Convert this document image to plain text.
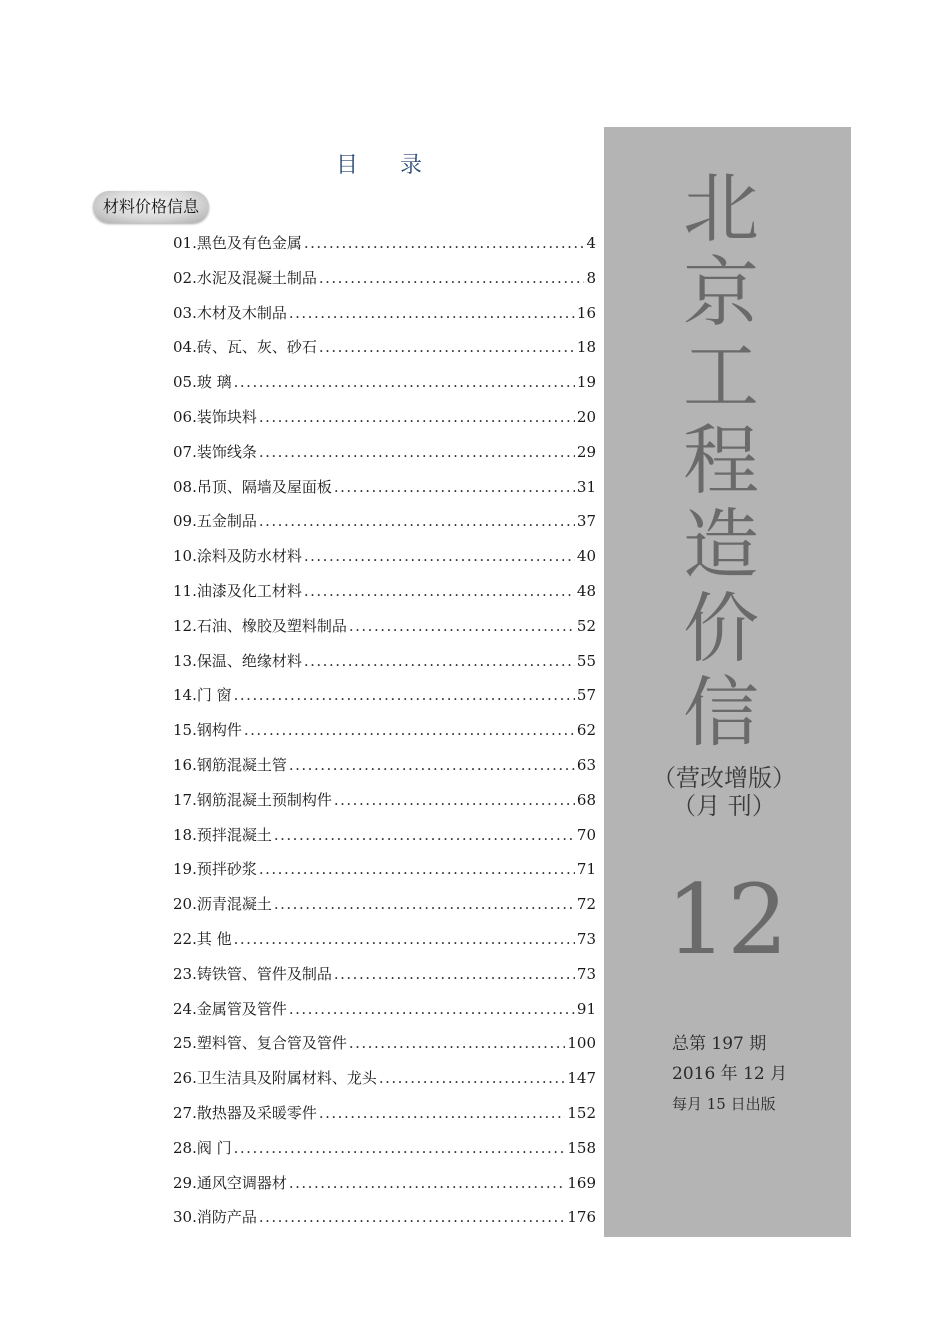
目 录
材料价格信息
01. 黑色及有色金属 .....	4
02. 水泥及混凝土制品 .....	8
03. 木材及木制品 .....	16
04. 砖、瓦、灰、砂石 .....	18
05. 玻 璃 .....	19
06. 装饰块料 .....	20
07. 装饰线条 .....	29
08. 吊顶、隔墙及屋面板 .....	31
09. 五金制品 .....	37
10. 涂料及防水材料 .....	40
11. 油漆及化工材料 .....	48
12. 石油、橡胶及塑料制品 .....	52
13. 保温、绝缘材料 .....	55
14. 门 窗 .....	57
15. 钢构件 .....	62
16. 钢筋混凝土管 .....	63
17. 钢筋混凝土预制构件 .....	68
18. 预拌混凝土 .....	70
19. 预拌砂浆 .....	71
20. 沥青混凝土 .....	72
22. 其 他 .....	73
23. 铸铁管、管件及制品 .....	73
24. 金属管及管件 .....	91
25. 塑料管、复合管及管件 .....	100
26. 卫生洁具及附属材料、龙头 .....	147
27. 散热器及采暖零件 .....	152
28. 阀 门 .....	158
29. 通风空调器材 .....	169
30. 消防产品 .....	176
北
京
工
程
造
价
信
（营改增版）
（月 刊）
12
总第 197 期
2016 年 12 月
每月 15 日出版
